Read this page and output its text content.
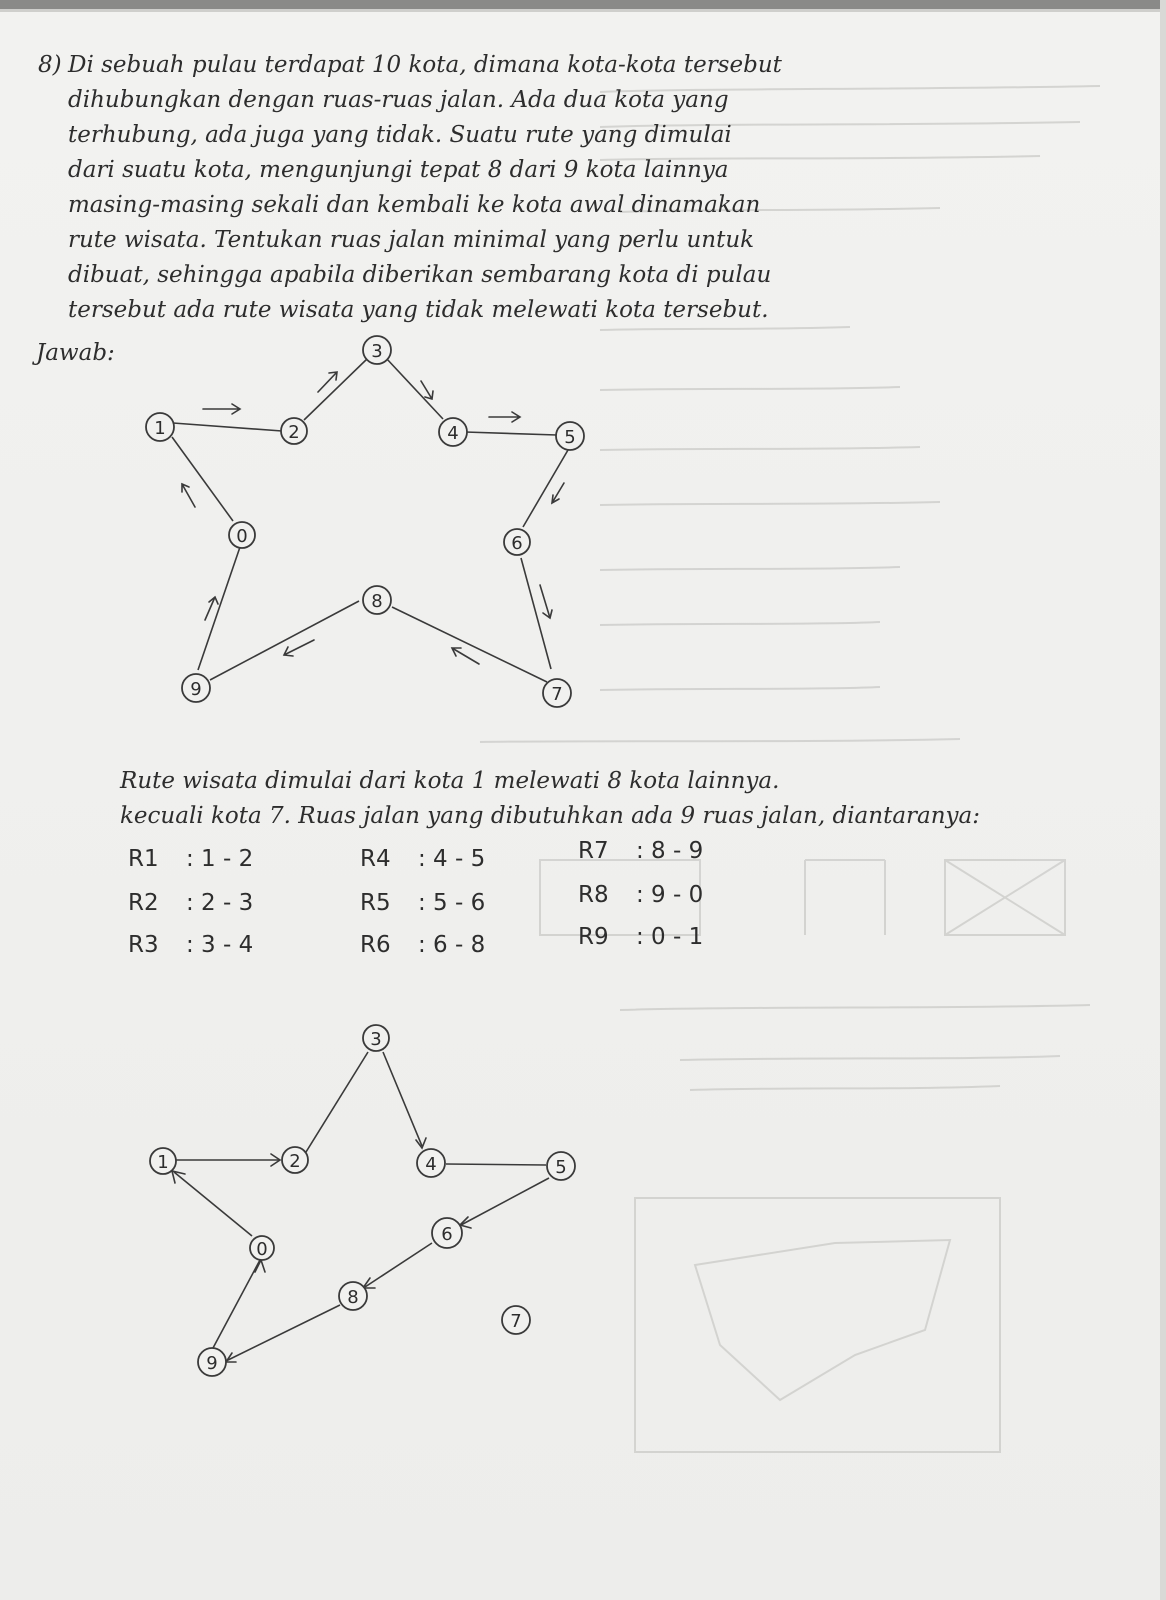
8) Di sebuah pulau terdapat 10 kota, dimana kota-kota tersebut
dihubungkan dengan ruas-ruas jalan. Ada dua kota yang
terhubung, ada juga yang tidak. Suatu rute yang dimulai
dari suatu kota, mengunjungi tepat 8 dari 9 kota lainnya
masing-masing sekali dan kembali ke kota awal dinamakan
rute wisata. Tentukan ruas jalan minimal yang perlu untuk
dibuat, sehingga apabila diberikan sembarang kota di pulau
tersebut ada rute wisata yang tidak melewati kota tersebut.
Jawab:	3
1	2	4	5
0	6
8
9	7
Rute wisata dimulai dari kota 1 melewati 8 kota lainnya.
kecuali kota 7. Ruas jalan yang dibutuhkan ada 9 ruas jalan, diantaranya:
R1 : 1 - 2
R2 : 2 - 3
R3 : 3 - 4
R4 : 4 - 5
R5 : 5 - 6
R6 : 6 - 8
R7 : 8 - 9
R8 : 9 - 0
R9 : 0 - 1
3
1	2	4	5
6
0
8
7
9
